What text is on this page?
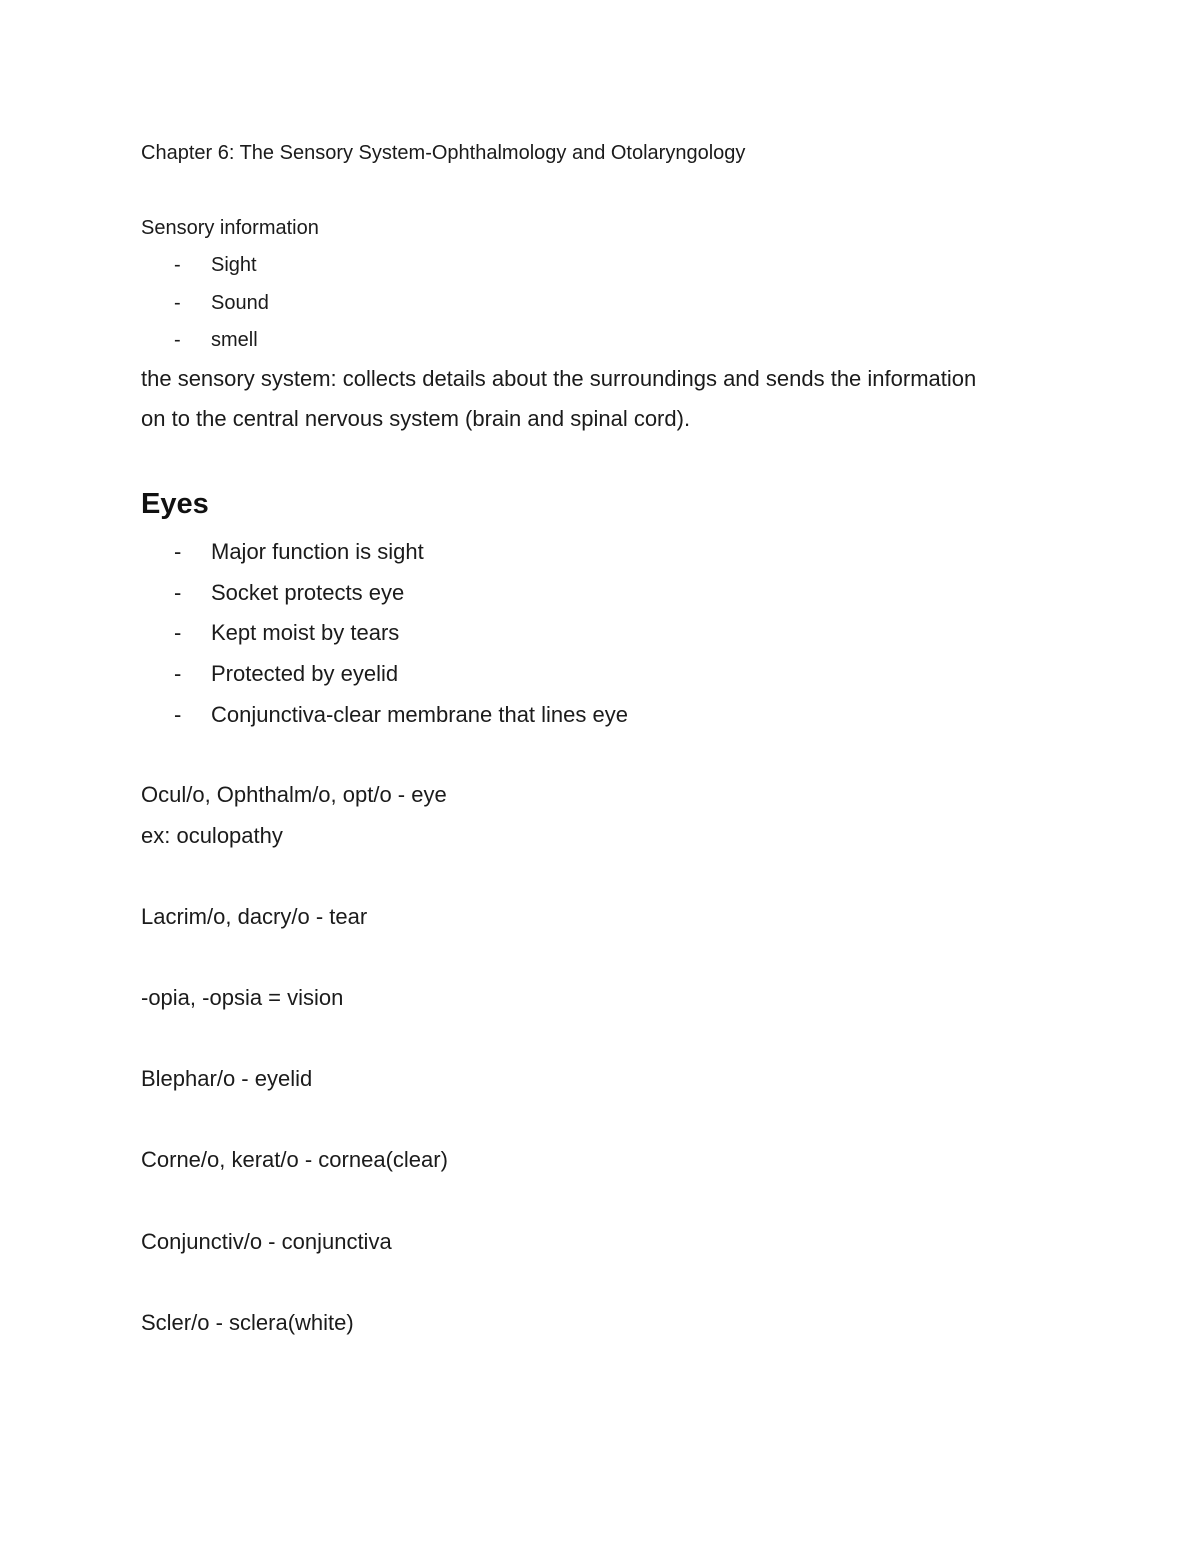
Chapter 6: The Sensory System-Ophthalmology and Otolaryngology

Sensory information

- Sight
- Sound
- smell

the sensory system: collects details about the surroundings and sends the information

on to the central nervous system (brain and spinal cord).

Eyes
- Major function is sight
- Socket protects eye
- Kept moist by tears
- Protected by eyelid
- Conjunctiva-clear membrane that lines eye

Ocul/o, Ophthalm/o, opt/o - eye

ex: oculopathy

Lacrim/o, dacry/o - tear

-opia, -opsia = vision

Blephar/o - eyelid

Corne/o, kerat/o - cornea(clear)

Conjunctiv/o - conjunctiva

Scler/o - sclera(white)
